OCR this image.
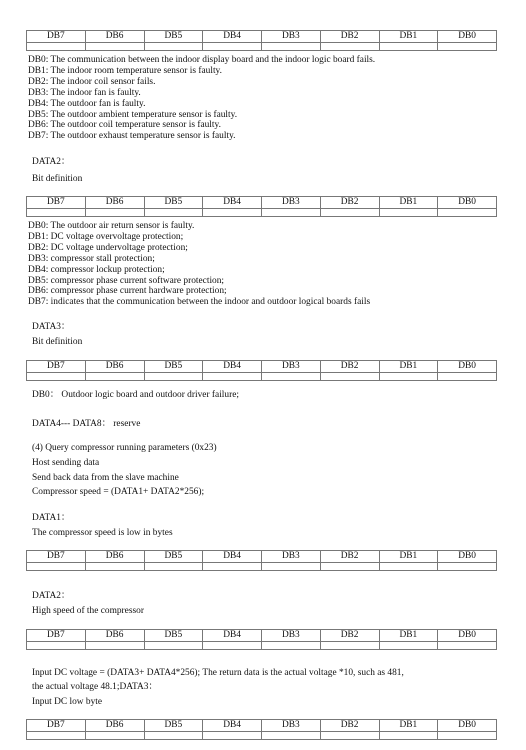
DB7	DB6	DB5	DB4	DB3	DB2	DB1	DB0

DB0: The communication between the indoor display board and the indoor logic board fails.
DB1: The indoor room temperature sensor is faulty.
DB2: The indoor coil sensor fails.
DB3: The indoor fan is faulty.
DB4: The outdoor fan is faulty.
DB5: The outdoor ambient temperature sensor is faulty.
DB6: The outdoor coil temperature sensor is faulty.
DB7: The outdoor exhaust temperature sensor is faulty.
DATA2：
Bit definition
DB7	DB6	DB5	DB4	DB3	DB2	DB1	DB0

DB0: The outdoor air return sensor is faulty.
DB1: DC voltage overvoltage protection;
DB2: DC voltage undervoltage protection;
DB3: compressor stall protection;
DB4: compressor lockup protection;
DB5: compressor phase current software protection;
DB6: compressor phase current hardware protection;
DB7: indicates that the communication between the indoor and outdoor logical boards fails
DATA3：
Bit definition
DB7	DB6	DB5	DB4	DB3	DB2	DB1	DB0

DB0： Outdoor logic board and outdoor driver failure;
DATA4--- DATA8： reserve
(4) Query compressor running parameters (0x23)
Host sending data
Send back data from the slave machine
Compressor speed = (DATA1+ DATA2*256);
DATA1：
The compressor speed is low in bytes
DB7	DB6	DB5	DB4	DB3	DB2	DB1	DB0

DATA2：
High speed of the compressor
DB7	DB6	DB5	DB4	DB3	DB2	DB1	DB0

Input DC voltage = (DATA3+ DATA4*256); The return data is the actual voltage *10, such as 481,
the actual voltage 48.1;DATA3：
Input DC low byte
DB7	DB6	DB5	DB4	DB3	DB2	DB1	DB0
